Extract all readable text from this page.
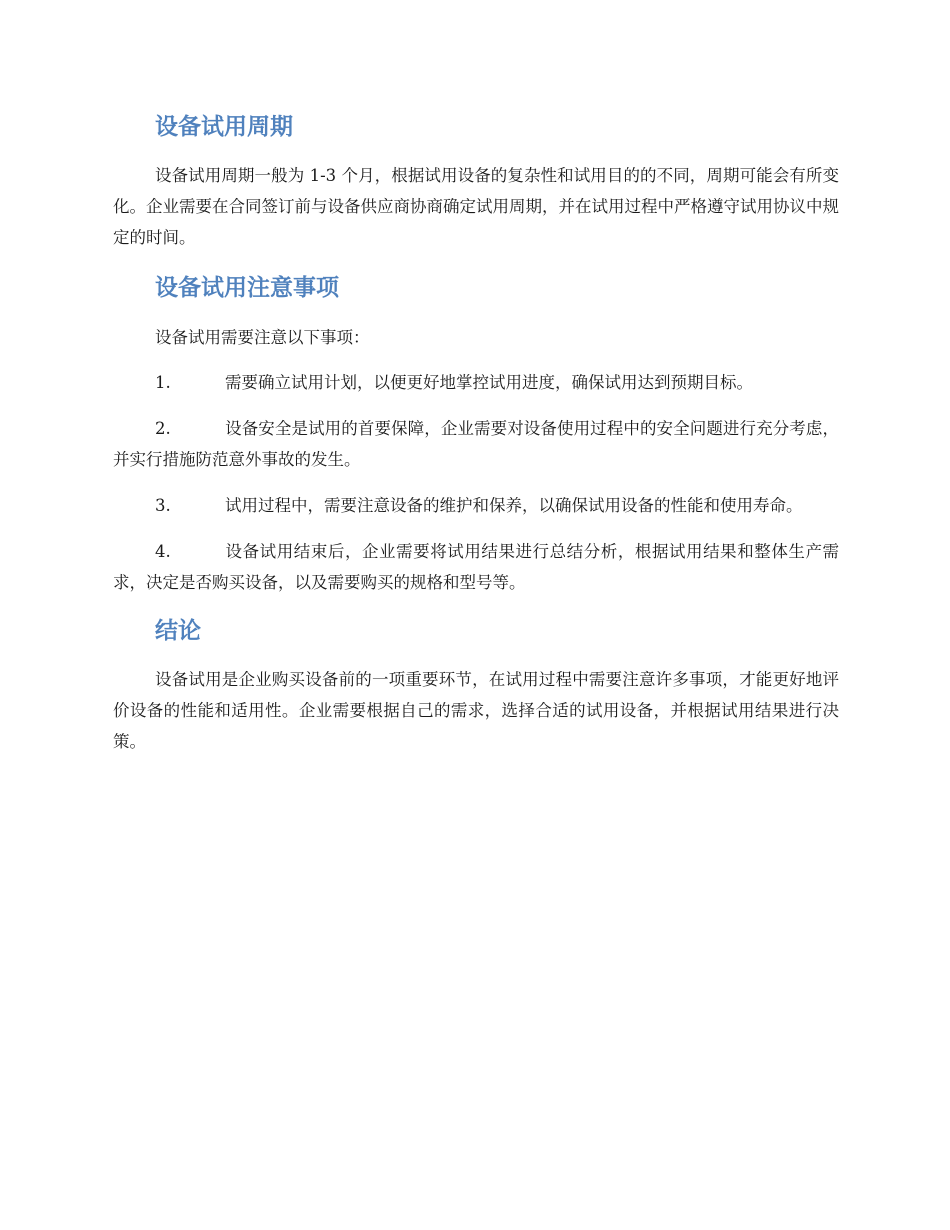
设备试用周期

设备试用周期一般为 1-3 个月，根据试用设备的复杂性和试用目的的不同，周期可能会有所变化。企业需要在合同签订前与设备供应商协商确定试用周期，并在试用过程中严格遵守试用协议中规定的时间。

设备试用注意事项

设备试用需要注意以下事项：

1.	需要确立试用计划，以便更好地掌控试用进度，确保试用达到预期目标。

2.	设备安全是试用的首要保障，企业需要对设备使用过程中的安全问题进行充分考虑，并实行措施防范意外事故的发生。

3.	试用过程中，需要注意设备的维护和保养，以确保试用设备的性能和使用寿命。

4.	设备试用结束后，企业需要将试用结果进行总结分析，根据试用结果和整体生产需求，决定是否购买设备，以及需要购买的规格和型号等。

结论

设备试用是企业购买设备前的一项重要环节，在试用过程中需要注意许多事项，才能更好地评价设备的性能和适用性。企业需要根据自己的需求，选择合适的试用设备，并根据试用结果进行决策。
